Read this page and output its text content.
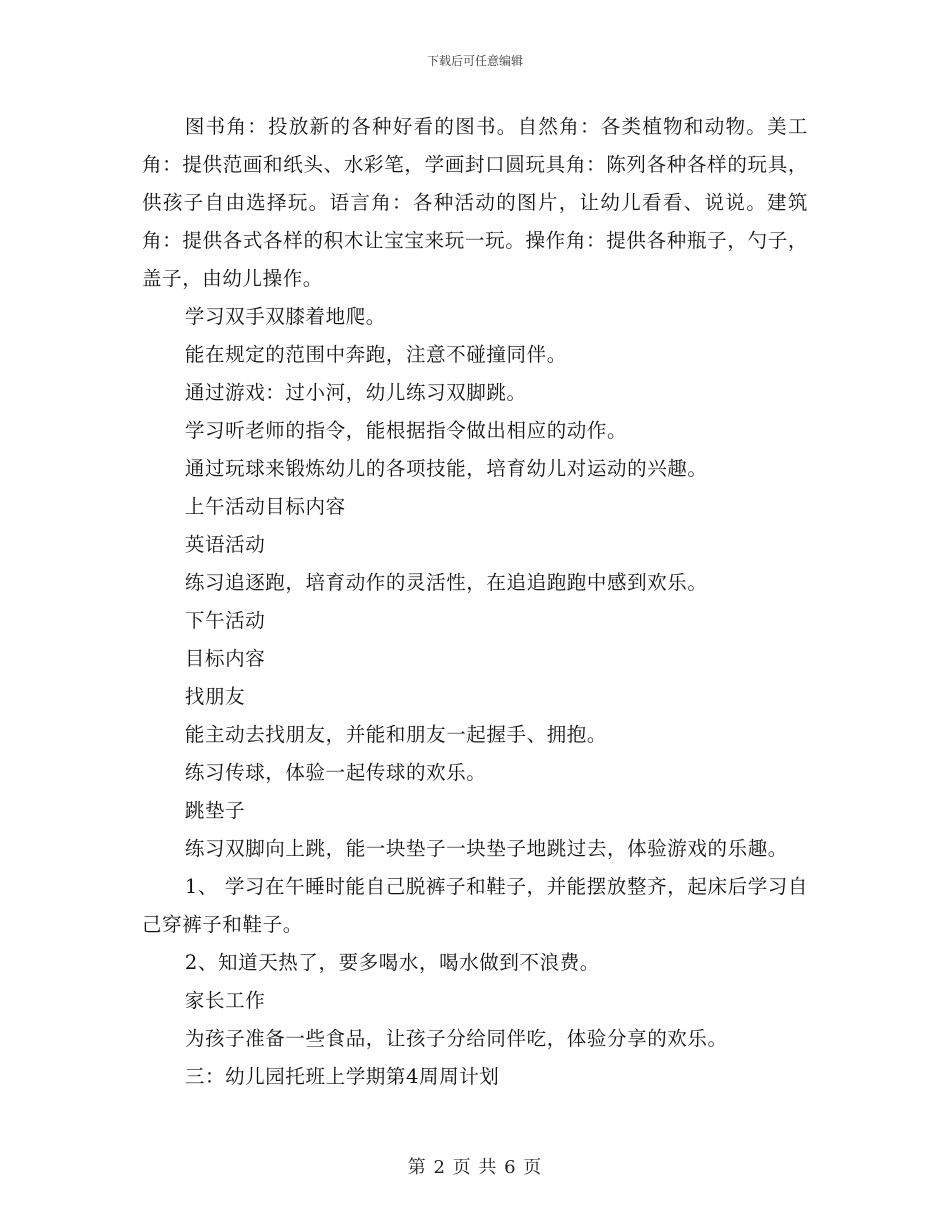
下载后可任意编辑

图书角：投放新的各种好看的图书。自然角：各类植物和动物。美工角：提供范画和纸头、水彩笔，学画封口圆玩具角：陈列各种各样的玩具，供孩子自由选择玩。语言角：各种活动的图片，让幼儿看看、说说。建筑角：提供各式各样的积木让宝宝来玩一玩。操作角：提供各种瓶子，勺子，盖子，由幼儿操作。

学习双手双膝着地爬。

能在规定的范围中奔跑，注意不碰撞同伴。

通过游戏：过小河，幼儿练习双脚跳。

学习听老师的指令，能根据指令做出相应的动作。

通过玩球来锻炼幼儿的各项技能，培育幼儿对运动的兴趣。

上午活动目标内容

英语活动

练习追逐跑，培育动作的灵活性，在追追跑跑中感到欢乐。

下午活动

目标内容

找朋友

能主动去找朋友，并能和朋友一起握手、拥抱。

练习传球，体验一起传球的欢乐。

跳垫子

练习双脚向上跳，能一块垫子一块垫子地跳过去，体验游戏的乐趣。

1、 学习在午睡时能自己脱裤子和鞋子，并能摆放整齐，起床后学习自己穿裤子和鞋子。

2、知道天热了，要多喝水，喝水做到不浪费。

家长工作

为孩子准备一些食品，让孩子分给同伴吃，体验分享的欢乐。

三：幼儿园托班上学期第4周周计划

第 2 页 共 6 页
